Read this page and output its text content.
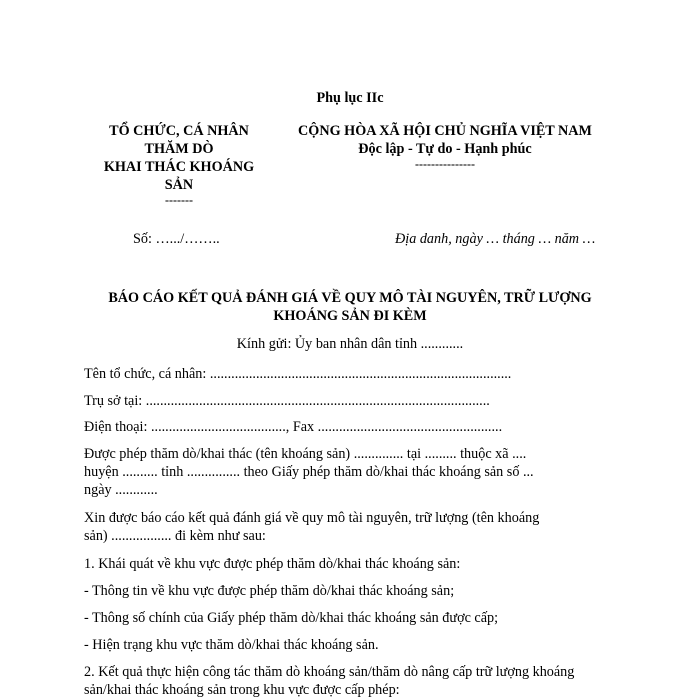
Phụ lục IIc
TỔ CHỨC, CÁ NHÂN
THĂM DÒ
KHAI THÁC KHOÁNG
SẢN
-------
CỘNG HÒA XÃ HỘI CHỦ NGHĨA VIỆT NAM
Độc lập - Tự do - Hạnh phúc
---------------
Số: ….../……..	Địa danh, ngày … tháng … năm …
BÁO CÁO KẾT QUẢ ĐÁNH GIÁ VỀ QUY MÔ TÀI NGUYÊN, TRỮ LƯỢNG
KHOÁNG SẢN ĐI KÈM
Kính gửi: Ủy ban nhân dân tỉnh ............
Tên tổ chức, cá nhân: .....................................................................................
Trụ sở tại: .................................................................................................
Điện thoại: ......................................, Fax ....................................................
Được phép thăm dò/khai thác (tên khoáng sản) .............. tại ......... thuộc xã ....
huyện .......... tỉnh ............... theo Giấy phép thăm dò/khai thác khoáng sản số ...
ngày ............
Xin được báo cáo kết quả đánh giá về quy mô tài nguyên, trữ lượng (tên khoáng
sản) ................. đi kèm như sau:
1. Khái quát về khu vực được phép thăm dò/khai thác khoáng sản:
- Thông tin về khu vực được phép thăm dò/khai thác khoáng sản;
- Thông số chính của Giấy phép thăm dò/khai thác khoáng sản được cấp;
- Hiện trạng khu vực thăm dò/khai thác khoáng sản.
2. Kết quả thực hiện công tác thăm dò khoáng sản/thăm dò nâng cấp trữ lượng khoáng
sản/khai thác khoáng sản trong khu vực được cấp phép:
